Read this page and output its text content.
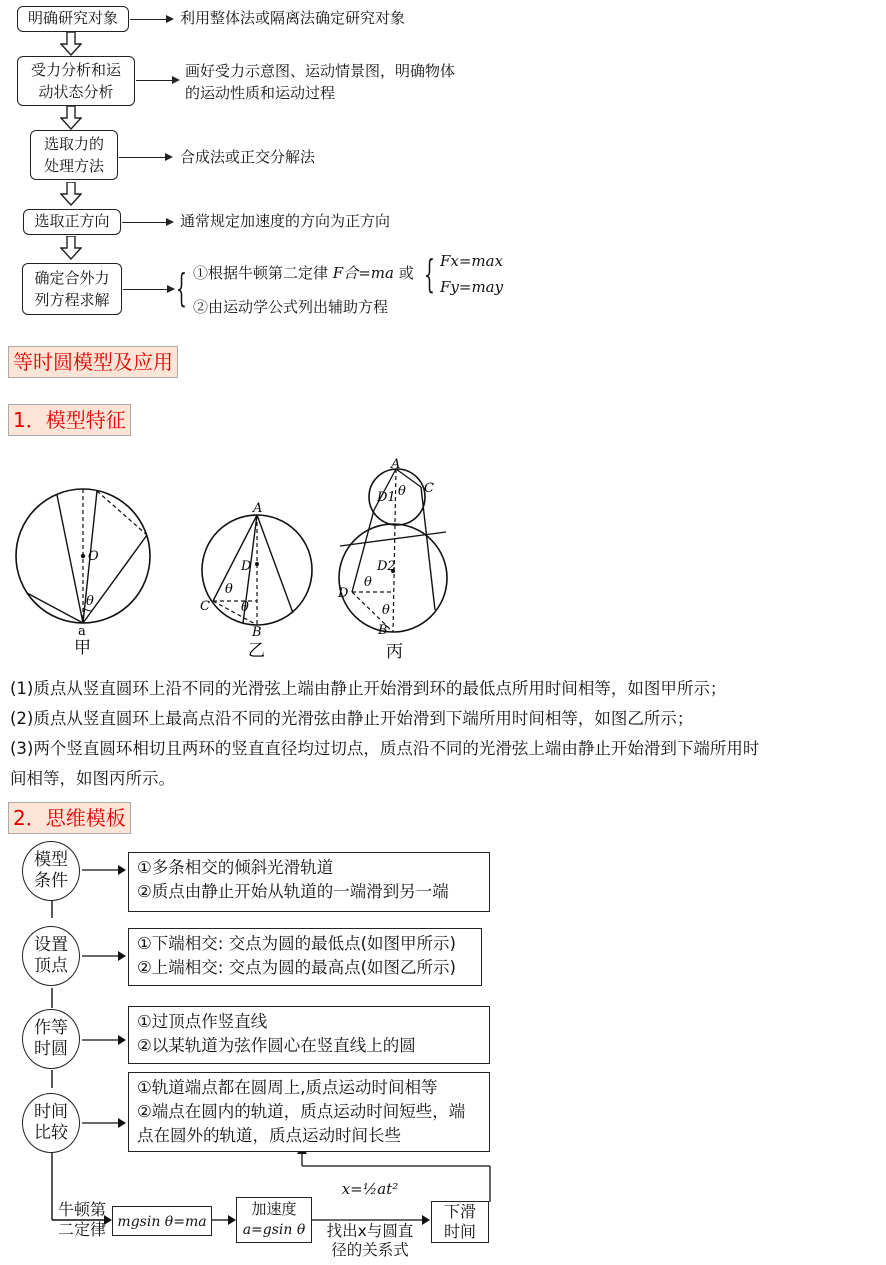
明确研究对象	利用整体法或隔离法确定研究对象
受力分析和运
动状态分析
画好受力示意图、运动情景图，明确物体
的运动性质和运动过程
选取力的
处理方法	合成法或正交分解法
选取正方向	通常规定加速度的方向为正方向
确定合外力
列方程求解	{ ①根据牛顿第二定律 F合=ma 或 { Fx=max
Fy=may
②由运动学公式列出辅助方程
等时圆模型及应用
1．模型特征
O
θ
a
甲
A
D
θ
θ
C
B
乙
A
D1 θ C
D2
θ
D
θ
B
丙
(1)质点从竖直圆环上沿不同的光滑弦上端由静止开始滑到环的最低点所用时间相等，如图甲所示；
(2)质点从竖直圆环上最高点沿不同的光滑弦由静止开始滑到下端所用时间相等，如图乙所示；
(3)两个竖直圆环相切且两环的竖直直径均过切点，质点沿不同的光滑弦上端由静止开始滑到下端所用时
间相等，如图丙所示。
2．思维模板
模型
条件
①多条相交的倾斜光滑轨道
②质点由静止开始从轨道的一端滑到另一端
设置
顶点
①下端相交: 交点为圆的最低点(如图甲所示)
②上端相交: 交点为圆的最高点(如图乙所示)
作等
时圆
①过顶点作竖直线
②以某轨道为弦作圆心在竖直线上的圆
时间
比较
①轨道端点都在圆周上,质点运动时间相等
②端点在圆内的轨道，质点运动时间短些，端
点在圆外的轨道，质点运动时间长些
牛顿第
二定律 mgsin θ=ma
加速度
a=gsin θ
x=½at²
找出x与圆直
径的关系式
下滑
时间
